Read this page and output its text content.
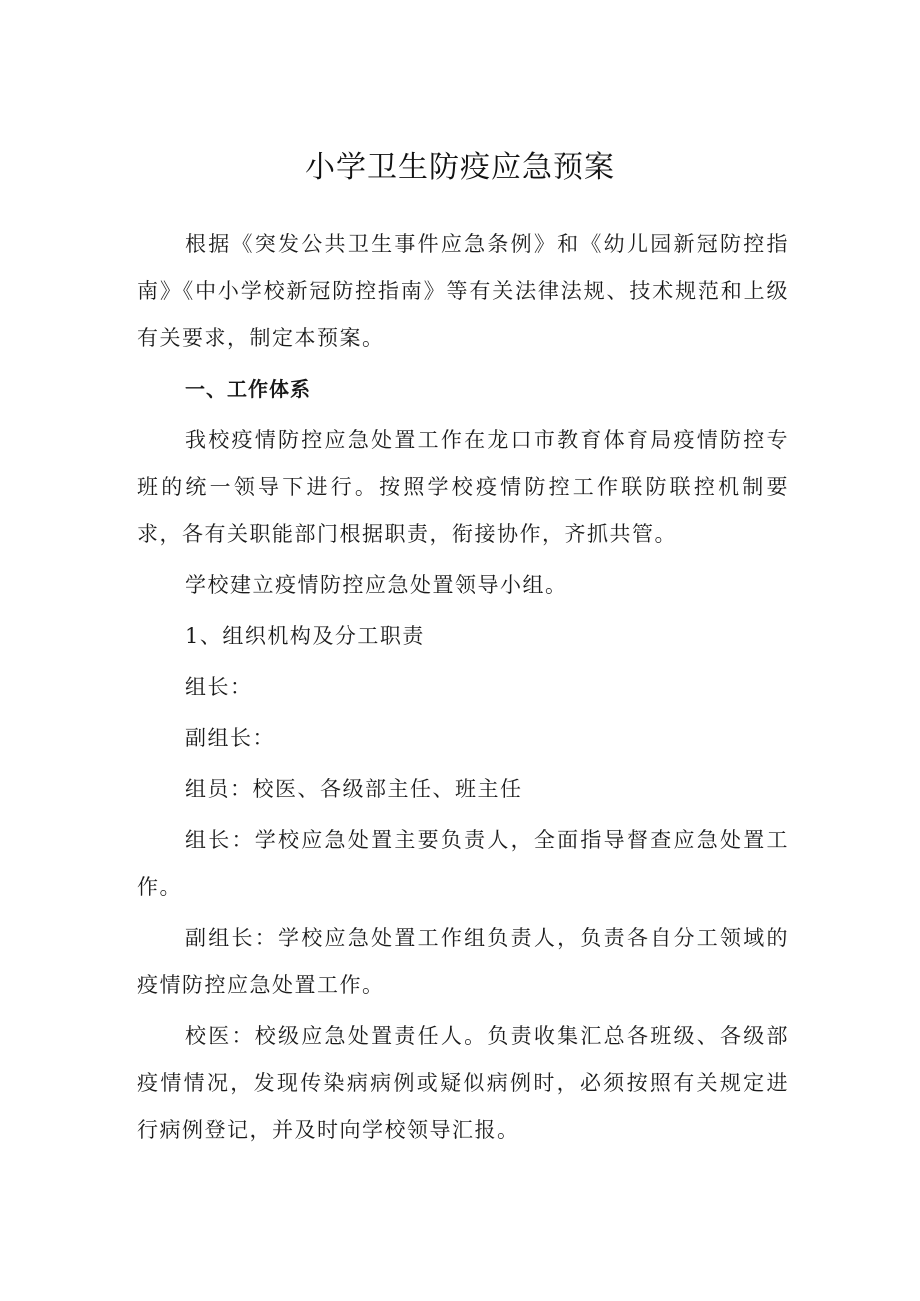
小学卫生防疫应急预案

根据《突发公共卫生事件应急条例》和《幼儿园新冠防控指南》《中小学校新冠防控指南》等有关法律法规、技术规范和上级有关要求，制定本预案。

一、工作体系

我校疫情防控应急处置工作在龙口市教育体育局疫情防控专班的统一领导下进行。按照学校疫情防控工作联防联控机制要求，各有关职能部门根据职责，衔接协作，齐抓共管。

学校建立疫情防控应急处置领导小组。

1、组织机构及分工职责

组长：

副组长：

组员：校医、各级部主任、班主任

组长：学校应急处置主要负责人，全面指导督查应急处置工作。

副组长：学校应急处置工作组负责人，负责各自分工领域的疫情防控应急处置工作。

校医：校级应急处置责任人。负责收集汇总各班级、各级部疫情情况，发现传染病病例或疑似病例时，必须按照有关规定进行病例登记，并及时向学校领导汇报。
